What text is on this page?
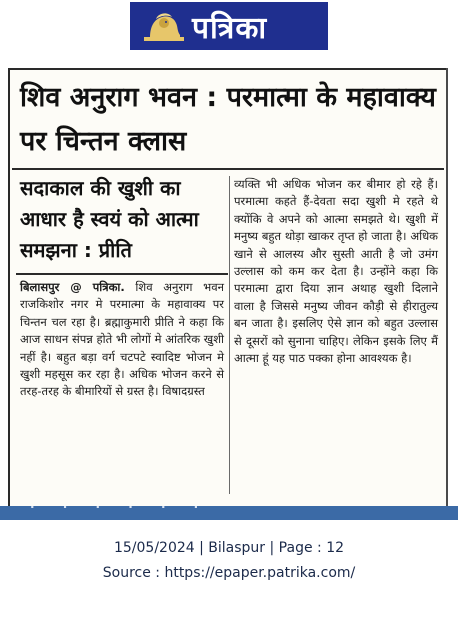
पत्रिका
शिव अनुराग भवन : परमात्मा के महावाक्य पर चिन्तन क्लास
सदाकाल की खुशी का आधार है स्वयं को आत्मा समझना : प्रीति
बिलासपुर @ पत्रिका. शिव अनुराग भवन राजकिशोर नगर मे परमात्मा के महावाक्य पर चिन्तन चल रहा है। ब्रह्माकुमारी प्रीति ने कहा कि आज साधन संपन्न होते भी लोगों मे आंतरिक खुशी नहीं है। बहुत बड़ा वर्ग चटपटे स्वादिष्ट भोजन मे खुशी महसूस कर रहा है। अधिक भोजन करने से तरह-तरह के बीमारियों से ग्रस्त है। विषादग्रस्त
व्यक्ति भी अधिक भोजन कर बीमार हो रहे हैं। परमात्मा कहते हैं-देवता सदा खुशी मे रहते थे क्योंकि वे अपने को आत्मा समझते थे। खुशी में मनुष्य बहुत थोड़ा खाकर तृप्त हो जाता है। अधिक खाने से आलस्य और सुस्ती आती है जो उमंग उल्लास को कम कर देता है। उन्होंने कहा कि परमात्मा द्वारा दिया ज्ञान अथाह खुशी दिलाने वाला है जिससे मनुष्य जीवन कौड़ी से हीरातुल्य बन जाता है। इसलिए ऐसे ज्ञान को बहुत उल्लास से दूसरों को सुनाना चाहिए। लेकिन इसके लिए मैं आत्मा हूं यह पाठ पक्का होना आवश्यक है।
· · · · · ·
15/05/2024 | Bilaspur | Page : 12
Source : https://epaper.patrika.com/
